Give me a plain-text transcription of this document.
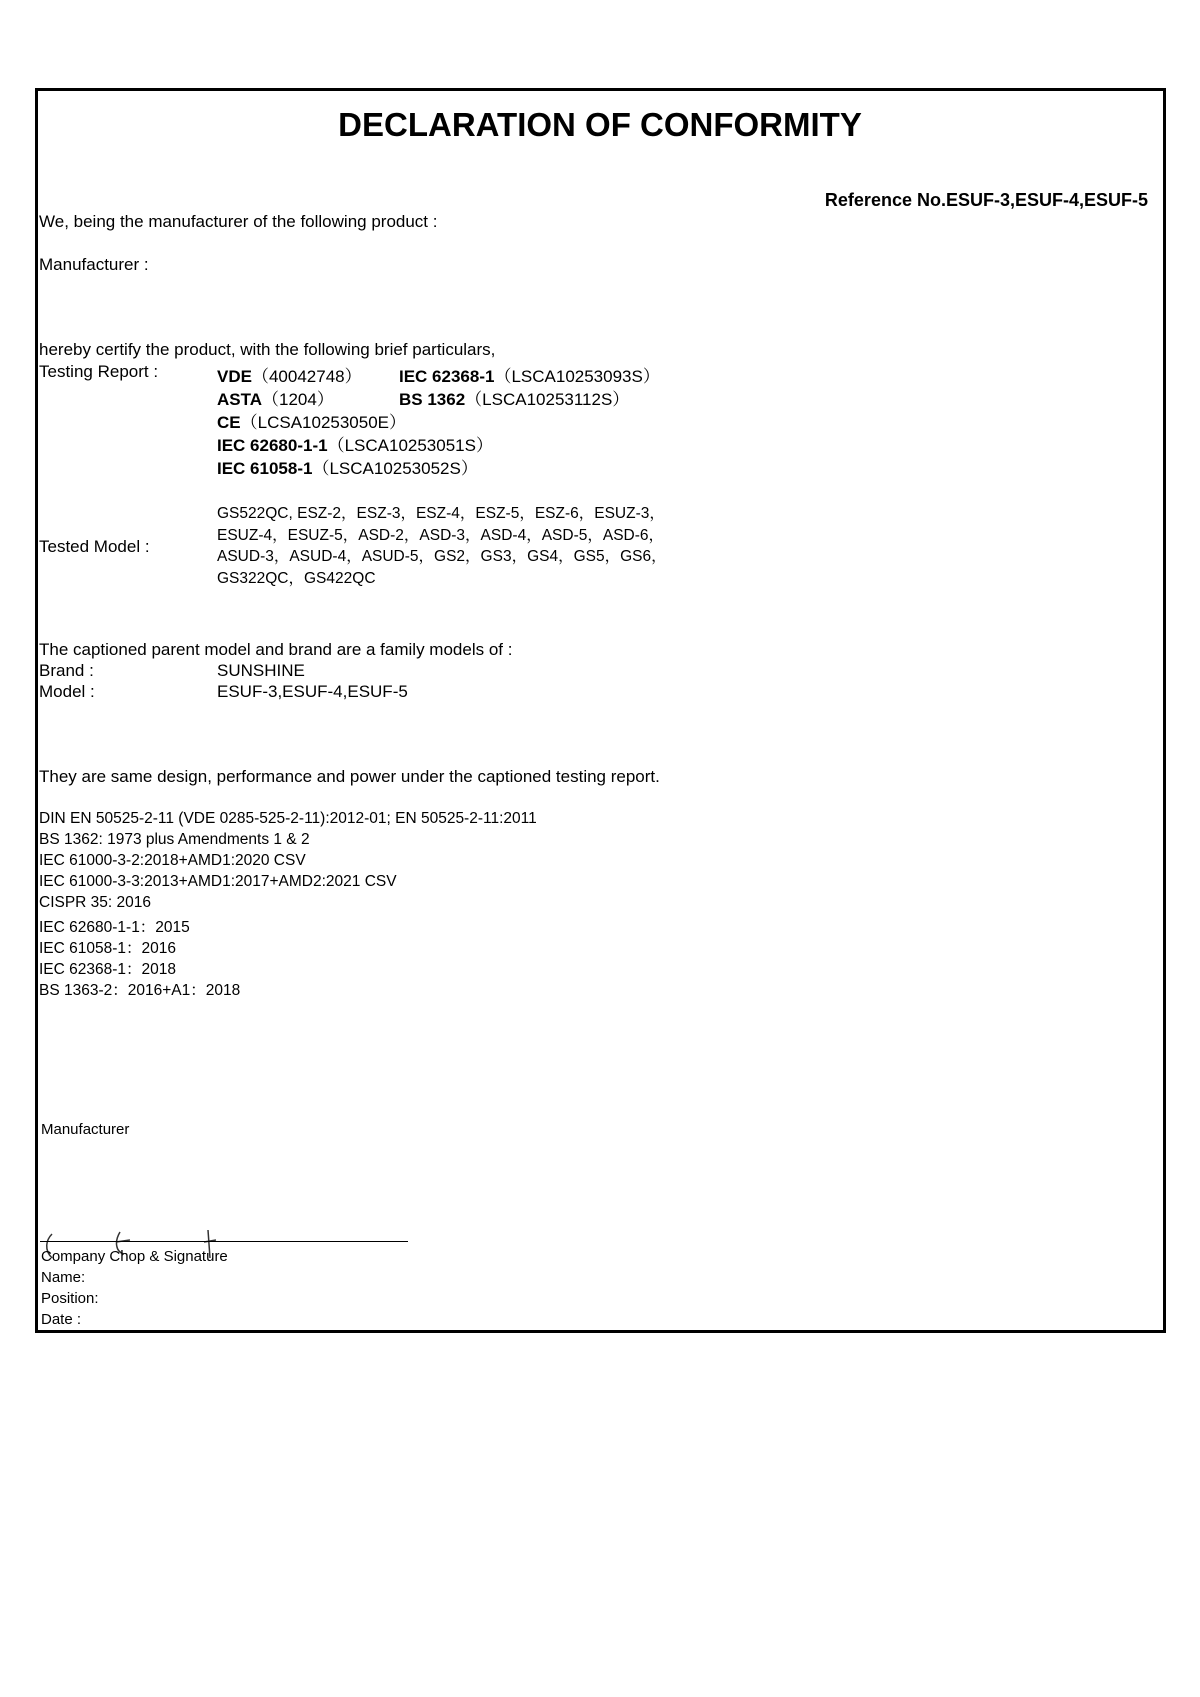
DECLARATION OF CONFORMITY
Reference No.ESUF-3,ESUF-4,ESUF-5
We, being the manufacturer of the following product :
Manufacturer :
hereby certify the product, with the following brief particulars,
Testing Report :	VDE（40042748） IEC 62368-1（LSCA10253093S）
ASTA（1204）	BS 1362（LSCA10253112S）
CE（LCSA10253050E）
IEC 62680-1-1（LSCA10253051S）
IEC 61058-1（LSCA10253052S）
Tested Model :
GS522QC, ESZ-2，ESZ-3，ESZ-4，ESZ-5，ESZ-6，ESUZ-3，
ESUZ-4，ESUZ-5，ASD-2，ASD-3，ASD-4，ASD-5，ASD-6，
ASUD-3，ASUD-4，ASUD-5，GS2，GS3，GS4，GS5，GS6，
GS322QC，GS422QC
The captioned parent model and brand are a family models of :
Brand :	SUNSHINE
Model :	ESUF-3,ESUF-4,ESUF-5
They are same design, performance and power under the captioned testing report.
DIN EN 50525-2-11 (VDE 0285-525-2-11):2012-01; EN 50525-2-11:2011
BS 1362: 1973 plus Amendments 1 & 2
IEC 61000-3-2:2018+AMD1:2020 CSV
IEC 61000-3-3:2013+AMD1:2017+AMD2:2021 CSV
CISPR 35: 2016
IEC 62680-1-1：2015
IEC 61058-1：2016
IEC 62368-1：2018
BS 1363-2：2016+A1：2018
Manufacturer
Company Chop & Signature
Name:
Position:
Date :
